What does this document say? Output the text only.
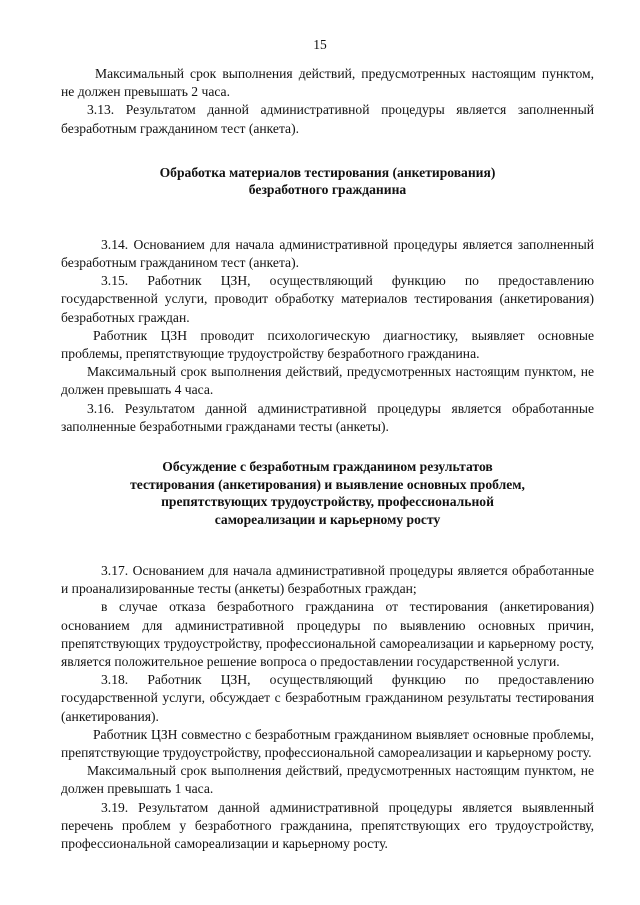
15

Максимальный срок выполнения действий, предусмотренных настоящим пунктом, не должен превышать 2 часа.

3.13. Результатом данной административной процедуры является заполненный безработным гражданином тест (анкета).

Обработка материалов тестирования (анкетирования)
безработного гражданина

3.14. Основанием для начала административной процедуры является заполненный безработным гражданином тест (анкета).

3.15. Работник ЦЗН, осуществляющий функцию по предоставлению государственной услуги, проводит обработку материалов тестирования (анкетирования) безработных граждан.

Работник ЦЗН проводит психологическую диагностику, выявляет основные проблемы, препятствующие трудоустройству безработного гражданина.

Максимальный срок выполнения действий, предусмотренных настоящим пунктом, не должен превышать 4 часа.

3.16. Результатом данной административной процедуры является обработанные заполненные безработными гражданами тесты (анкеты).

Обсуждение с безработным гражданином результатов
тестирования (анкетирования) и выявление основных проблем,
препятствующих трудоустройству, профессиональной
самореализации и карьерному росту

3.17. Основанием для начала административной процедуры является обработанные и проанализированные тесты (анкеты) безработных граждан;

в случае отказа безработного гражданина от тестирования (анкетирования) основанием для административной процедуры по выявлению основных причин, препятствующих трудоустройству, профессиональной самореализации и карьерному росту, является положительное решение вопроса о предоставлении государственной услуги.

3.18. Работник ЦЗН, осуществляющий функцию по предоставлению государственной услуги, обсуждает с безработным гражданином результаты тестирования (анкетирования).

Работник ЦЗН совместно с безработным гражданином выявляет основные проблемы, препятствующие трудоустройству, профессиональной самореализации и карьерному росту.

Максимальный срок выполнения действий, предусмотренных настоящим пунктом, не должен превышать 1 часа.

3.19. Результатом данной административной процедуры является выявленный перечень проблем у безработного гражданина, препятствующих его трудоустройству, профессиональной самореализации и карьерному росту.
